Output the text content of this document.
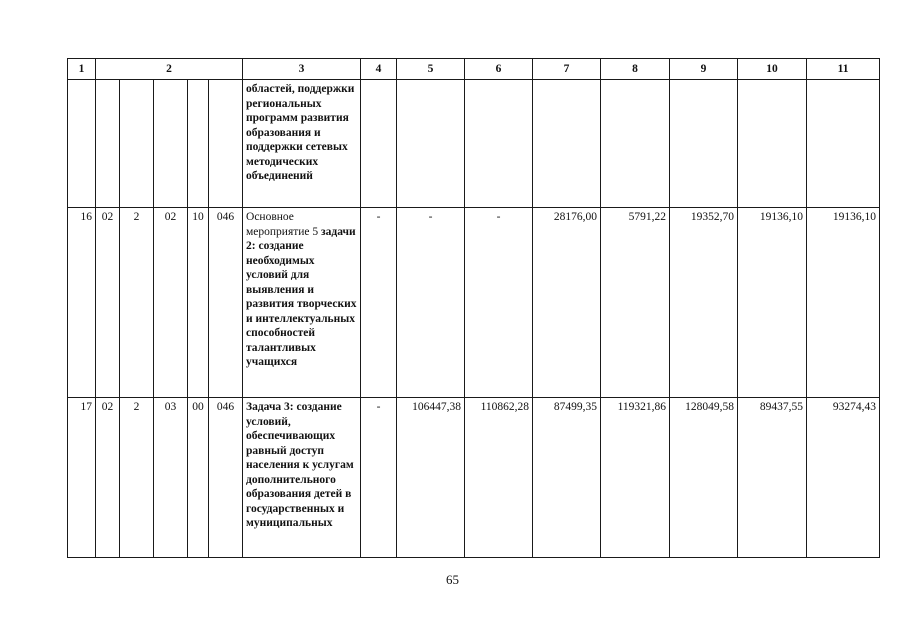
1	2					3	4	5	6	7	8	9	10	11
						областей, поддержки региональных программ развития образования и поддержки сетевых методических объединений								
16	02	2	02	10	046	Основное мероприятие 5 задачи 2: создание необходимых условий для выявления и развития творческих и интеллектуальных способностей талантливых учащихся	-	-	-	28176,00	5791,22	19352,70	19136,10	19136,10
17	02	2	03	00	046	Задача 3: создание условий, обеспечивающих равный доступ населения к услугам дополнительного образования детей в государственных и муниципальных	-	106447,38	110862,28	87499,35	119321,86	128049,58	89437,55	93274,43
65
